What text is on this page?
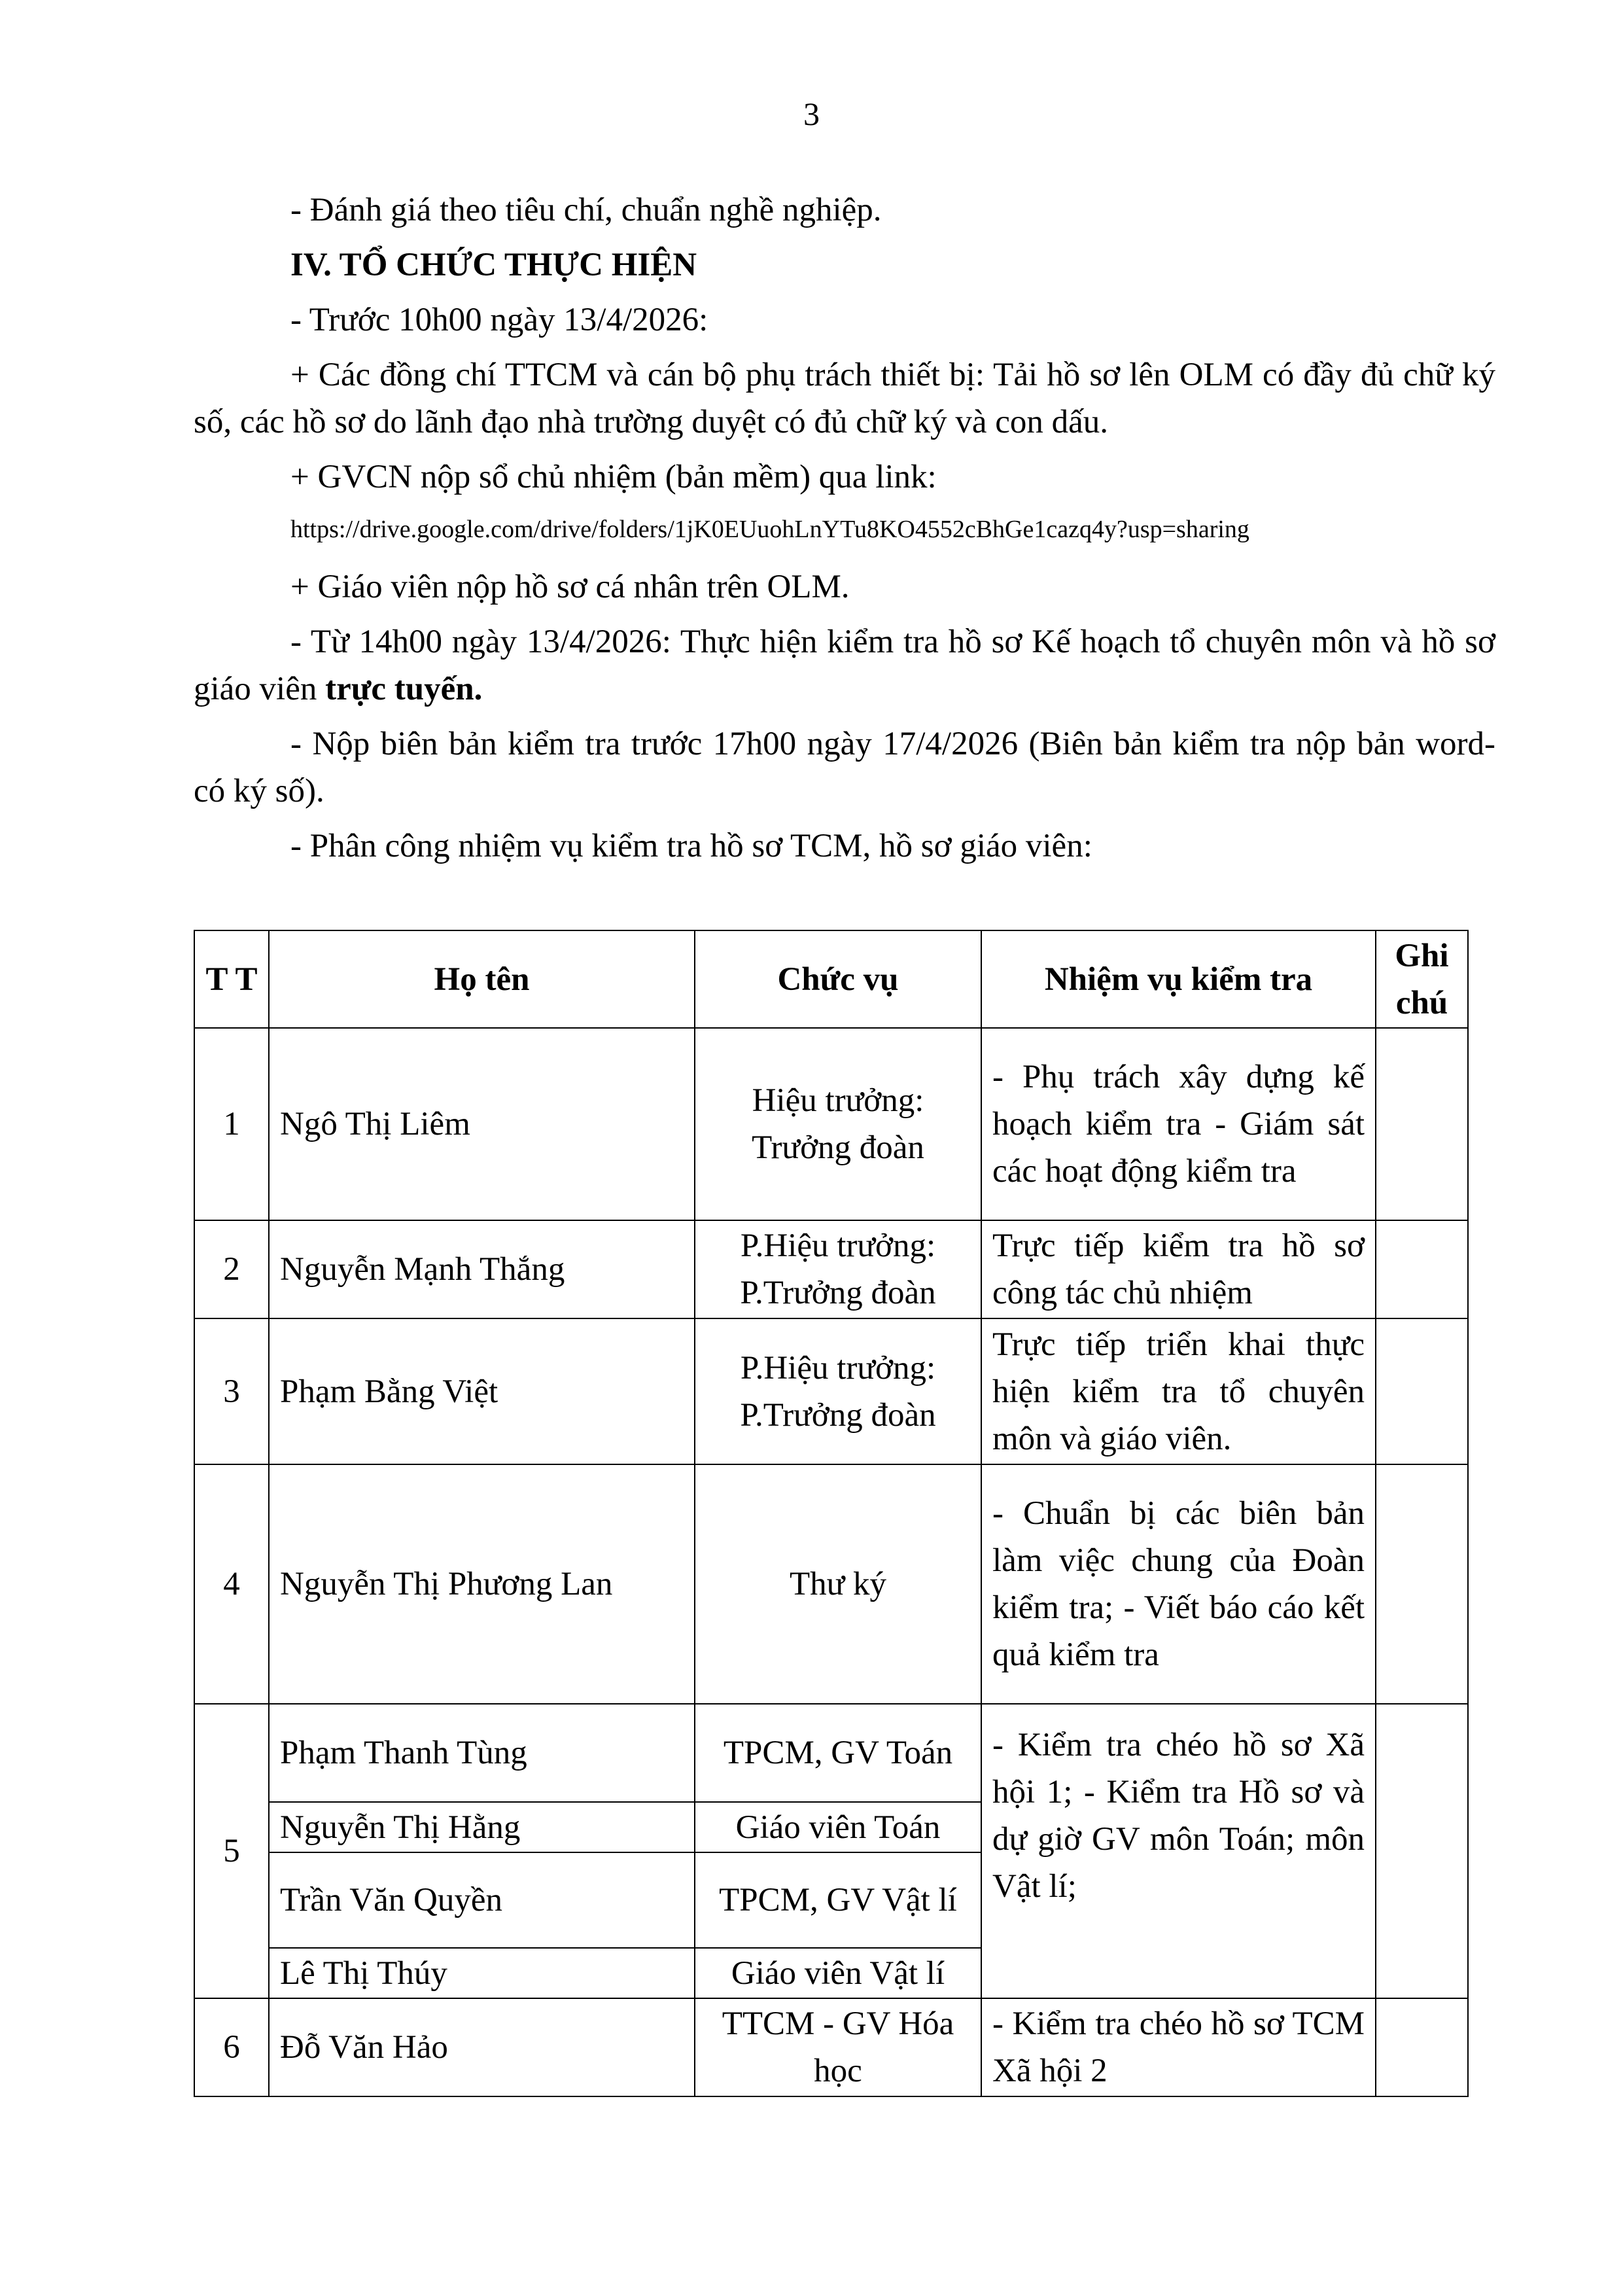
3

- Đánh giá theo tiêu chí, chuẩn nghề nghiệp.

IV. TỔ CHỨC THỰC HIỆN

- Trước 10h00 ngày 13/4/2026:

+ Các đồng chí TTCM và cán bộ phụ trách thiết bị: Tải hồ sơ lên OLM có đầy đủ chữ ký số, các hồ sơ do lãnh đạo nhà trường duyệt có đủ chữ ký và con dấu.

+ GVCN nộp sổ chủ nhiệm (bản mềm) qua link:

https://drive.google.com/drive/folders/1jK0EUuohLnYTu8KO4552cBhGe1cazq4y?usp=sharing

+ Giáo viên nộp hồ sơ cá nhân trên OLM.

- Từ 14h00 ngày 13/4/2026: Thực hiện kiểm tra hồ sơ Kế hoạch tổ chuyên môn và hồ sơ giáo viên trực tuyến.

- Nộp biên bản kiểm tra trước 17h00 ngày 17/4/2026 (Biên bản kiểm tra nộp bản word- có ký số).

- Phân công nhiệm vụ kiểm tra hồ sơ TCM, hồ sơ giáo viên:

T T	Họ tên	Chức vụ	Nhiệm vụ kiểm tra	Ghi chú
1	Ngô Thị Liêm	Hiệu trưởng: Trưởng đoàn	- Phụ trách xây dựng kế hoạch kiểm tra - Giám sát các hoạt động kiểm tra	
2	Nguyễn Mạnh Thắng	P.Hiệu trưởng: P.Trưởng đoàn	Trực tiếp kiểm tra hồ sơ công tác chủ nhiệm	
3	Phạm Bằng Việt	P.Hiệu trưởng: P.Trưởng đoàn	Trực tiếp triển khai thực hiện kiểm tra tổ chuyên môn và giáo viên.	
4	Nguyễn Thị Phương Lan	Thư ký	- Chuẩn bị các biên bản làm việc chung của Đoàn kiểm tra; - Viết báo cáo kết quả kiểm tra	
5	Phạm Thanh Tùng	TPCM, GV Toán	- Kiểm tra chéo hồ sơ Xã hội 1; - Kiểm tra Hồ sơ và dự giờ GV môn Toán; môn Vật lí;	
	Nguyễn Thị Hằng	Giáo viên Toán		
	Trần Văn Quyền	TPCM, GV Vật lí		
	Lê Thị Thúy	Giáo viên Vật lí		
6	Đỗ Văn Hảo	TTCM - GV Hóa học	- Kiểm tra chéo hồ sơ TCM Xã hội 2	
